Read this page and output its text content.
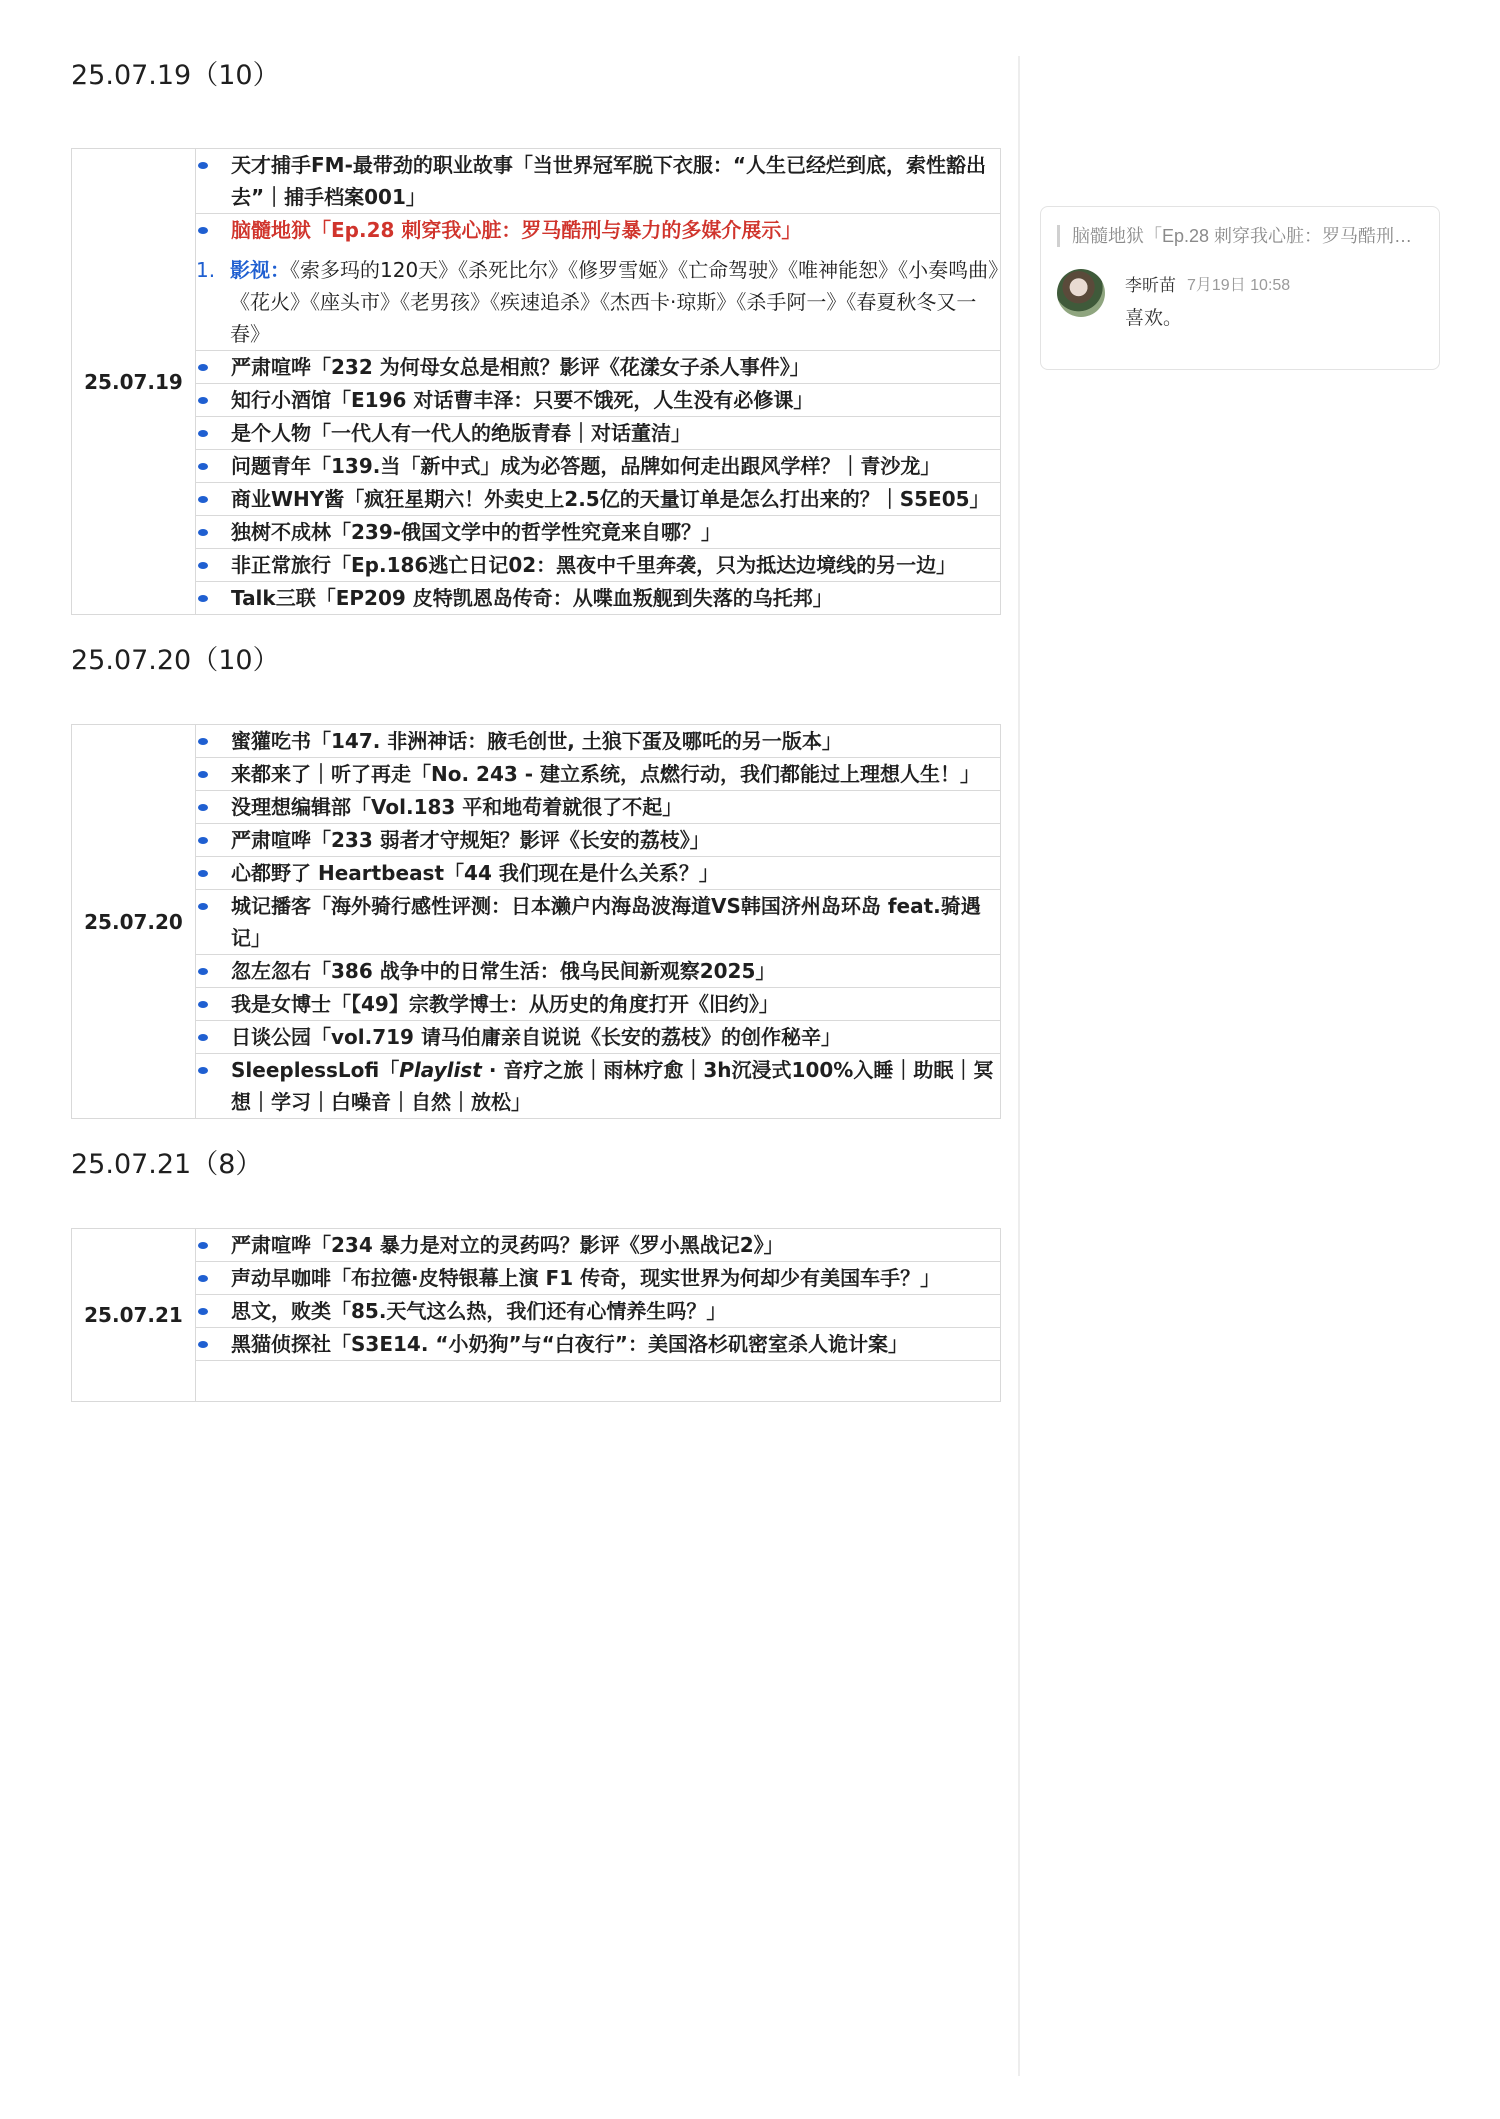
25.07.19（10）
25.07.19	
天才捕手FM-最带劲的职业故事「当世界冠军脱下衣服：“人生已经烂到底，索性豁出去”｜捕手档案001」

脑髓地狱「Ep.28 刺穿我心脏：罗马酷刑与暴力的多媒介展示」
1. 影视：《索多玛的120天》《杀死比尔》《修罗雪姬》《亡命驾驶》《唯神能恕》《小奏鸣曲》《花火》《座头市》《老男孩》《疾速追杀》《杰西卡·琼斯》《杀手阿一》《春夏秋冬又一春》

严肃喧哗「232 为何母女总是相煎？影评《花漾女子杀人事件》」

知行小酒馆「E196 对话曹丰泽：只要不饿死，人生没有必修课」

是个人物「一代人有一代人的绝版青春｜对话董洁」

问题青年「139.当「新中式」成为必答题，品牌如何走出跟风学样？｜青沙龙」

商业WHY酱「疯狂星期六！外卖史上2.5亿的天量订单是怎么打出来的？｜S5E05」

独树不成林「239-俄国文学中的哲学性究竟来自哪？」

非正常旅行「Ep.186逃亡日记02：黑夜中千里奔袭，只为抵达边境线的另一边」

Talk三联「EP209 皮特凯恩岛传奇：从喋血叛舰到失落的乌托邦」
25.07.20（10）
25.07.20	
蜜獾吃书「147. 非洲神话：腋毛创世, 土狼下蛋及哪吒的另一版本」

来都来了｜听了再走「No. 243 - 建立系统，点燃行动，我们都能过上理想人生！」

没理想编辑部「Vol.183 平和地苟着就很了不起」

严肃喧哗「233 弱者才守规矩？影评《长安的荔枝》」

心都野了 Heartbeast「44 我们现在是什么关系？」

城记播客「海外骑行感性评测：日本濑户内海岛波海道VS韩国济州岛环岛 feat.骑遇记」

忽左忽右「386 战争中的日常生活：俄乌民间新观察2025」

我是女博士「【49】宗教学博士：从历史的角度打开《旧约》」

日谈公园「vol.719 请马伯庸亲自说说《长安的荔枝》的创作秘辛」

SleeplessLofi「Playlist · 音疗之旅｜雨林疗愈｜3h沉浸式100%入睡｜助眠｜冥想｜学习｜白噪音｜自然｜放松」
25.07.21（8）
25.07.21	
严肃喧哗「234 暴力是对立的灵药吗？影评《罗小黑战记2》」

声动早咖啡「布拉德·皮特银幕上演 F1 传奇，现实世界为何却少有美国车手？」

思文，败类「85.天气这么热，我们还有心情养生吗？」

黑猫侦探社「S3E14. “小奶狗”与“白夜行”：美国洛杉矶密室杀人诡计案」

脑髓地狱「Ep.28 刺穿我心脏：罗马酷刑…
李昕苗 7月19日 10:58
喜欢。
